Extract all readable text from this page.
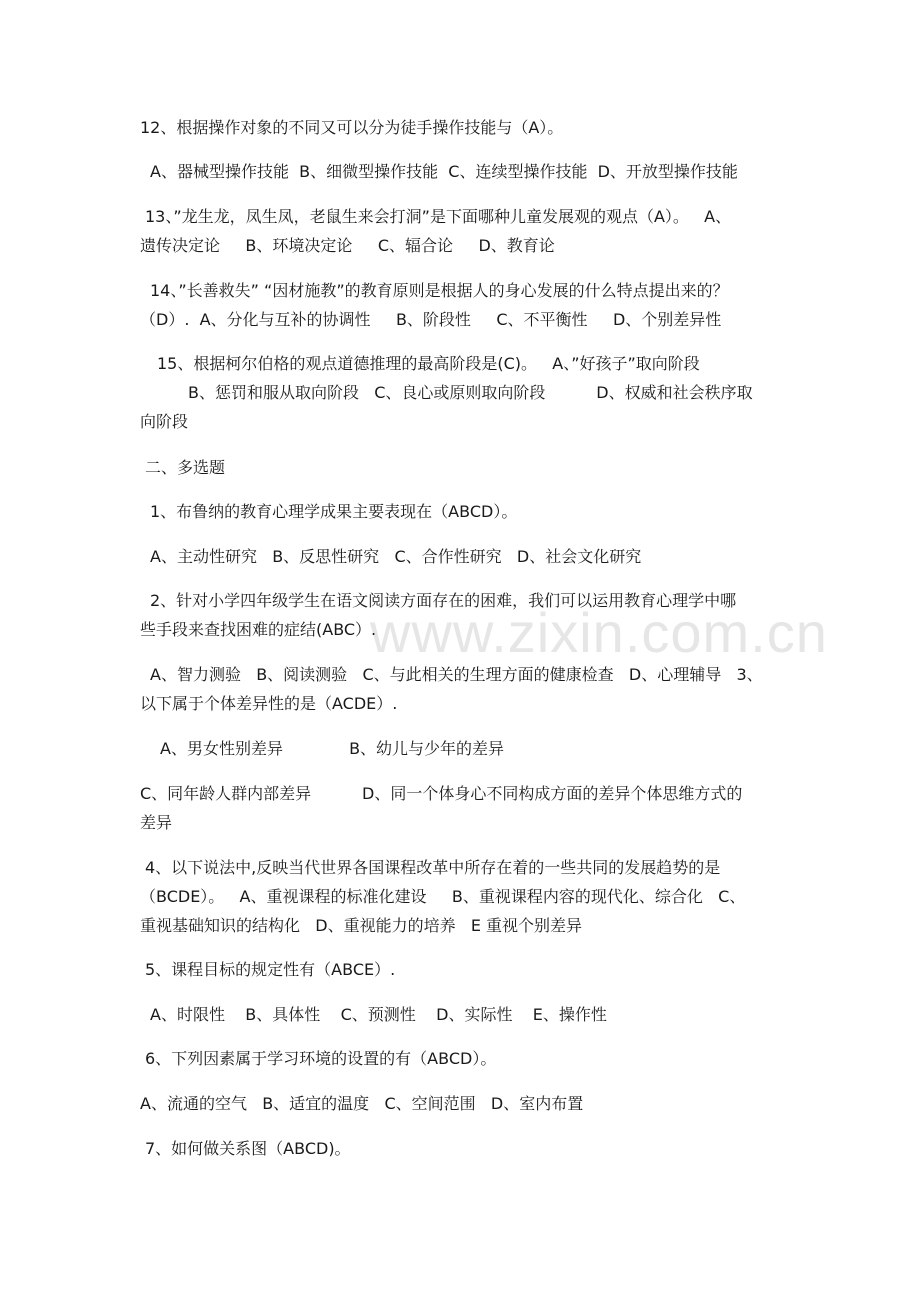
www.zixin.com.cn
12、根据操作对象的不同又可以分为徒手操作技能与（A）。
A、器械型操作技能  B、细微型操作技能  C、连续型操作技能  D、开放型操作技能
13、”龙生龙，凤生凤，老鼠生来会打洞”是下面哪种儿童发展观的观点（A）。   A、
遗传决定论     B、环境决定论     C、辐合论     D、教育论
14、”长善救失” “因材施教”的教育原则是根据人的身心发展的什么特点提出来的？
（D）.  A、分化与互补的协调性     B、阶段性     C、不平衡性     D、个别差异性
15、根据柯尔伯格的观点道德推理的最高阶段是(C)。   A、”好孩子”取向阶段
B、惩罚和服从取向阶段   C、良心或原则取向阶段          D、权威和社会秩序取
向阶段
二、多选题
1、布鲁纳的教育心理学成果主要表现在（ABCD）。
A、主动性研究   B、反思性研究   C、合作性研究   D、社会文化研究
2、针对小学四年级学生在语文阅读方面存在的困难，我们可以运用教育心理学中哪
些手段来查找困难的症结(ABC）.
A、智力测验   B、阅读测验   C、与此相关的生理方面的健康检查   D、心理辅导   3、
以下属于个体差异性的是（ACDE）.
A、男女性别差异             B、幼儿与少年的差异
C、同年龄人群内部差异          D、同一个体身心不同构成方面的差异个体思维方式的
差异
4、以下说法中,反映当代世界各国课程改革中所存在着的一些共同的发展趋势的是
（BCDE）。   A、重视课程的标准化建设     B、重视课程内容的现代化、综合化   C、
重视基础知识的结构化   D、重视能力的培养   E 重视个别差异
5、课程目标的规定性有（ABCE）.
A、时限性    B、具体性    C、预测性    D、实际性    E、操作性
6、下列因素属于学习环境的设置的有（ABCD）。
A、流通的空气   B、适宜的温度   C、空间范围   D、室内布置
7、如何做关系图（ABCD)。
